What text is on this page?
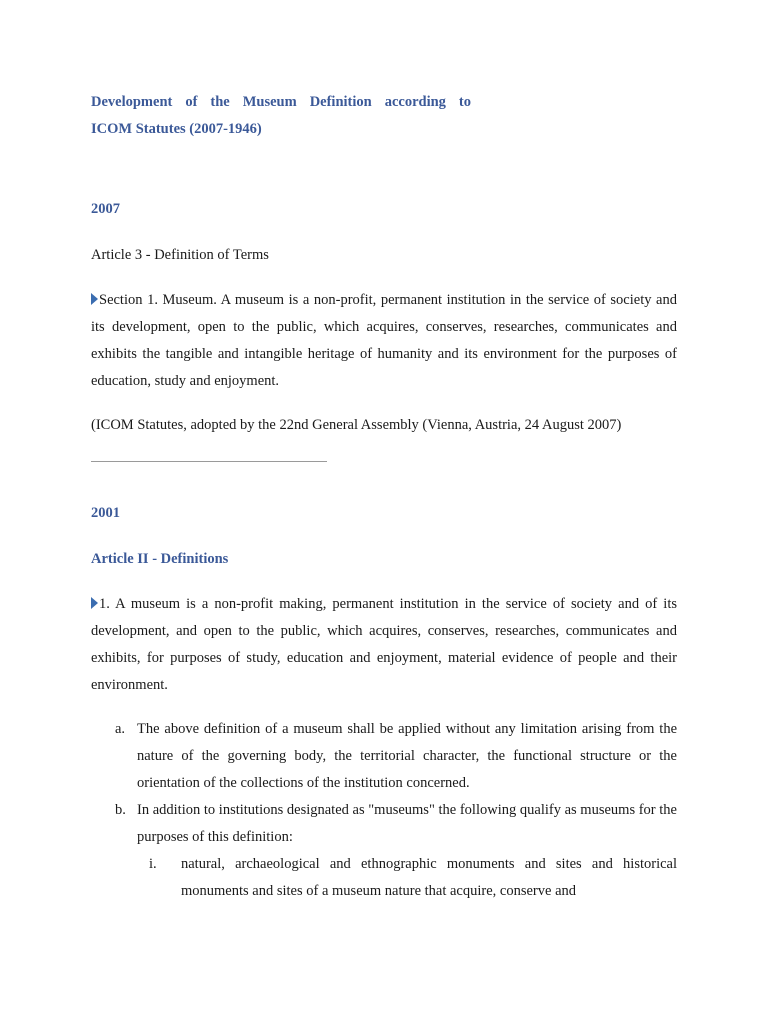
Development of the Museum Definition according to

ICOM Statutes (2007-1946)

2007
Article 3 - Definition of Terms

Section 1. Museum. A museum is a non-profit, permanent institution in the service of society and its development, open to the public, which acquires, conserves, researches, communicates and exhibits the tangible and intangible heritage of humanity and its environment for the purposes of education, study and enjoyment.

(ICOM Statutes, adopted by the 22nd General Assembly (Vienna, Austria, 24 August 2007)
2001
Article II - Definitions

1. A museum is a non-profit making, permanent institution in the service of society and of its development, and open to the public, which acquires, conserves, researches, communicates and exhibits, for purposes of study, education and enjoyment, material evidence of people and their environment.

a. The above definition of a museum shall be applied without any limitation arising from the nature of the governing body, the territorial character, the functional structure or the orientation of the collections of the institution concerned.
b. In addition to institutions designated as "museums" the following qualify as museums for the purposes of this definition:
i. natural, archaeological and ethnographic monuments and sites and historical monuments and sites of a museum nature that acquire, conserve and
